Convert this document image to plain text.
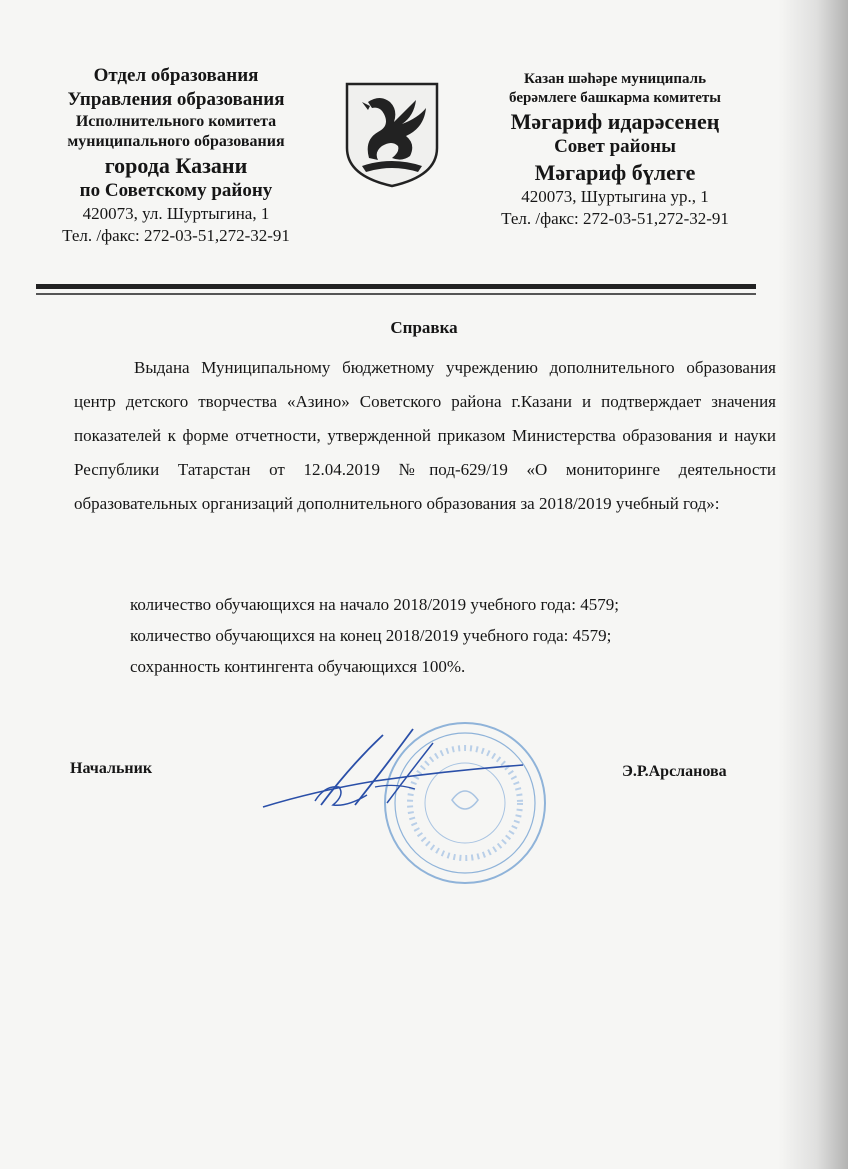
Отдел образования
Управления образования
Исполнительного комитета
муниципального образования
города Казани
по Советскому району
420073, ул. Шуртыгина, 1
Тел. /факс: 272-03-51,272-32-91
Казан шәһәре муниципаль
берәмлеге башкарма комитеты
Мәгариф идарәсенең
Совет районы
Мәгариф бүлеге
420073, Шуртыгина ур., 1
Тел. /факс: 272-03-51,272-32-91
Справка
Выдана Муниципальному бюджетному учреждению дополнительного образования центр детского творчества «Азино» Советского района г.Казани и подтверждает значения показателей к форме отчетности, утвержденной приказом Министерства образования и науки Республики Татарстан от 12.04.2019 №под-629/19 «О мониторинге деятельности образовательных организаций дополнительного образования за 2018/2019 учебный год»:
количество обучающихся на начало 2018/2019 учебного года: 4579;
количество обучающихся на конец 2018/2019 учебного года: 4579;
сохранность контингента обучающихся 100%.
Начальник	Э.Р.Арсланова
